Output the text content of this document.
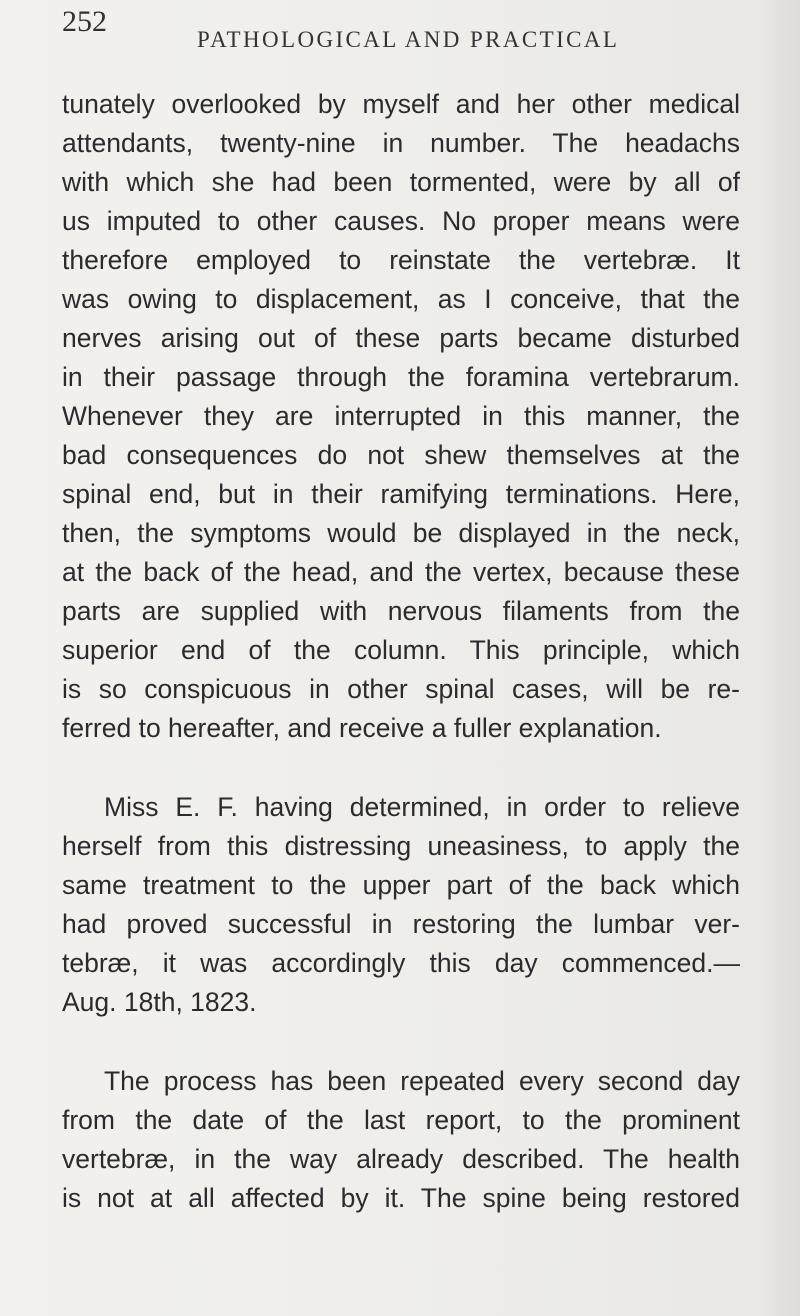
252
PATHOLOGICAL AND PRACTICAL
tunately overlooked by myself and her other medical
attendants, twenty-nine in number. The headachs
with which she had been tormented, were by all of
us imputed to other causes. No proper means were
therefore employed to reinstate the vertebræ. It
was owing to displacement, as I conceive, that the
nerves arising out of these parts became disturbed
in their passage through the foramina vertebrarum.
Whenever they are interrupted in this manner, the
bad consequences do not shew themselves at the
spinal end, but in their ramifying terminations. Here,
then, the symptoms would be displayed in the neck,
at the back of the head, and the vertex, because these
parts are supplied with nervous filaments from the
superior end of the column. This principle, which
is so conspicuous in other spinal cases, will be re-
ferred to hereafter, and receive a fuller explanation.
Miss E. F. having determined, in order to relieve
herself from this distressing uneasiness, to apply the
same treatment to the upper part of the back which
had proved successful in restoring the lumbar ver-
tebræ, it was accordingly this day commenced.—
Aug. 18th, 1823.
The process has been repeated every second day
from the date of the last report, to the prominent
vertebræ, in the way already described. The health
is not at all affected by it. The spine being restored
